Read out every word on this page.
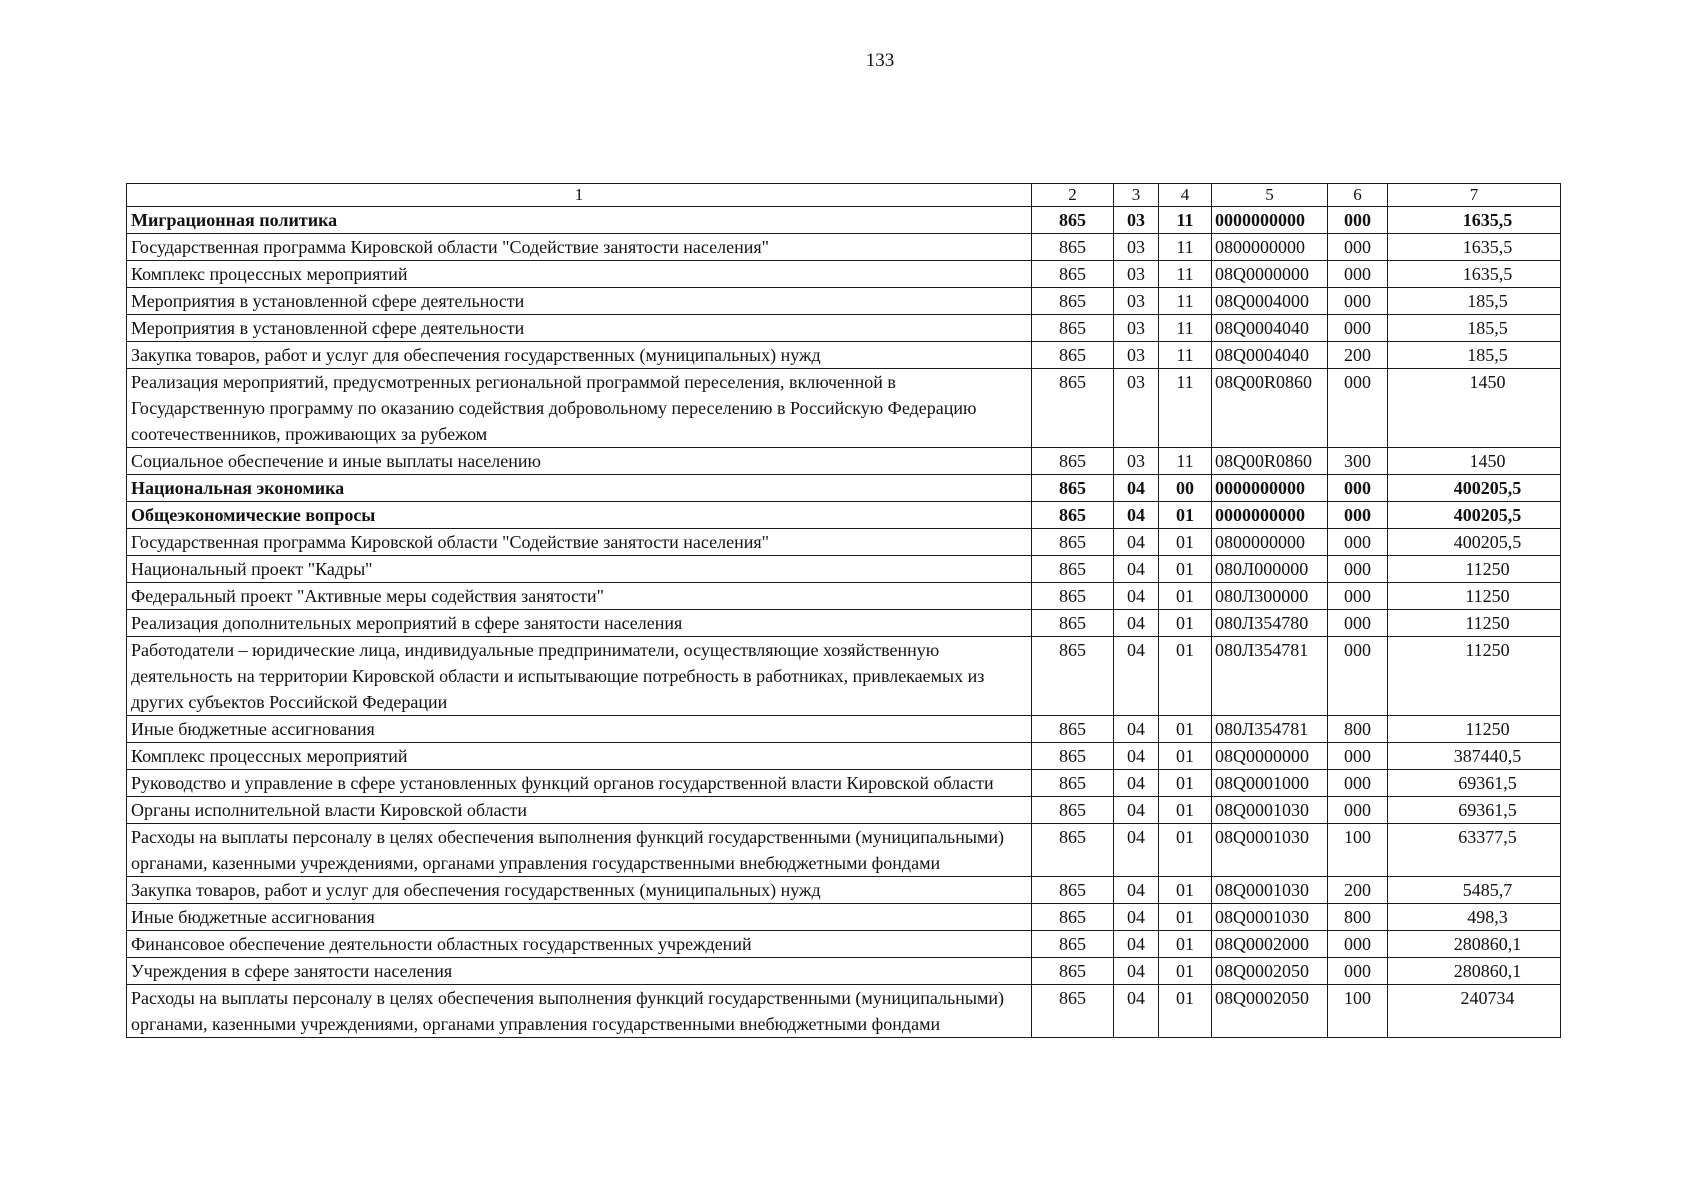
133
1	2	3	4	5	6	7
Миграционная политика	865	03	11	0000000000	000	1635,5
Государственная программа Кировской области "Содействие занятости населения"	865	03	11	0800000000	000	1635,5
Комплекс процессных мероприятий	865	03	11	08Q0000000	000	1635,5
Мероприятия в установленной сфере деятельности	865	03	11	08Q0004000	000	185,5
Мероприятия в установленной сфере деятельности	865	03	11	08Q0004040	000	185,5
Закупка товаров, работ и услуг для обеспечения государственных (муниципальных) нужд	865	03	11	08Q0004040	200	185,5
Реализация мероприятий, предусмотренных региональной программой переселения, включенной в Государственную программу по оказанию содействия добровольному переселению в Российскую Федерацию соотечественников, проживающих за рубежом	865	03	11	08Q00R0860	000	1450
Социальное обеспечение и иные выплаты населению	865	03	11	08Q00R0860	300	1450
Национальная экономика	865	04	00	0000000000	000	400205,5
Общеэкономические вопросы	865	04	01	0000000000	000	400205,5
Государственная программа Кировской области "Содействие занятости населения"	865	04	01	0800000000	000	400205,5
Национальный проект "Кадры"	865	04	01	080Л000000	000	11250
Федеральный проект "Активные меры содействия занятости"	865	04	01	080Л300000	000	11250
Реализация дополнительных мероприятий в сфере занятости населения	865	04	01	080Л354780	000	11250
Работодатели – юридические лица, индивидуальные предприниматели, осуществляющие хозяйственную деятельность на территории Кировской области и испытывающие потребность в работниках, привлекаемых из других субъектов Российской Федерации	865	04	01	080Л354781	000	11250
Иные бюджетные ассигнования	865	04	01	080Л354781	800	11250
Комплекс процессных мероприятий	865	04	01	08Q0000000	000	387440,5
Руководство и управление в сфере установленных функций органов государственной власти Кировской области	865	04	01	08Q0001000	000	69361,5
Органы исполнительной власти Кировской области	865	04	01	08Q0001030	000	69361,5
Расходы на выплаты персоналу в целях обеспечения выполнения функций государственными (муниципальными) органами, казенными учреждениями, органами управления государственными внебюджетными фондами	865	04	01	08Q0001030	100	63377,5
Закупка товаров, работ и услуг для обеспечения государственных (муниципальных) нужд	865	04	01	08Q0001030	200	5485,7
Иные бюджетные ассигнования	865	04	01	08Q0001030	800	498,3
Финансовое обеспечение деятельности областных государственных учреждений	865	04	01	08Q0002000	000	280860,1
Учреждения в сфере занятости населения	865	04	01	08Q0002050	000	280860,1
Расходы на выплаты персоналу в целях обеспечения выполнения функций государственными (муниципальными) органами, казенными учреждениями, органами управления государственными внебюджетными фондами	865	04	01	08Q0002050	100	240734
